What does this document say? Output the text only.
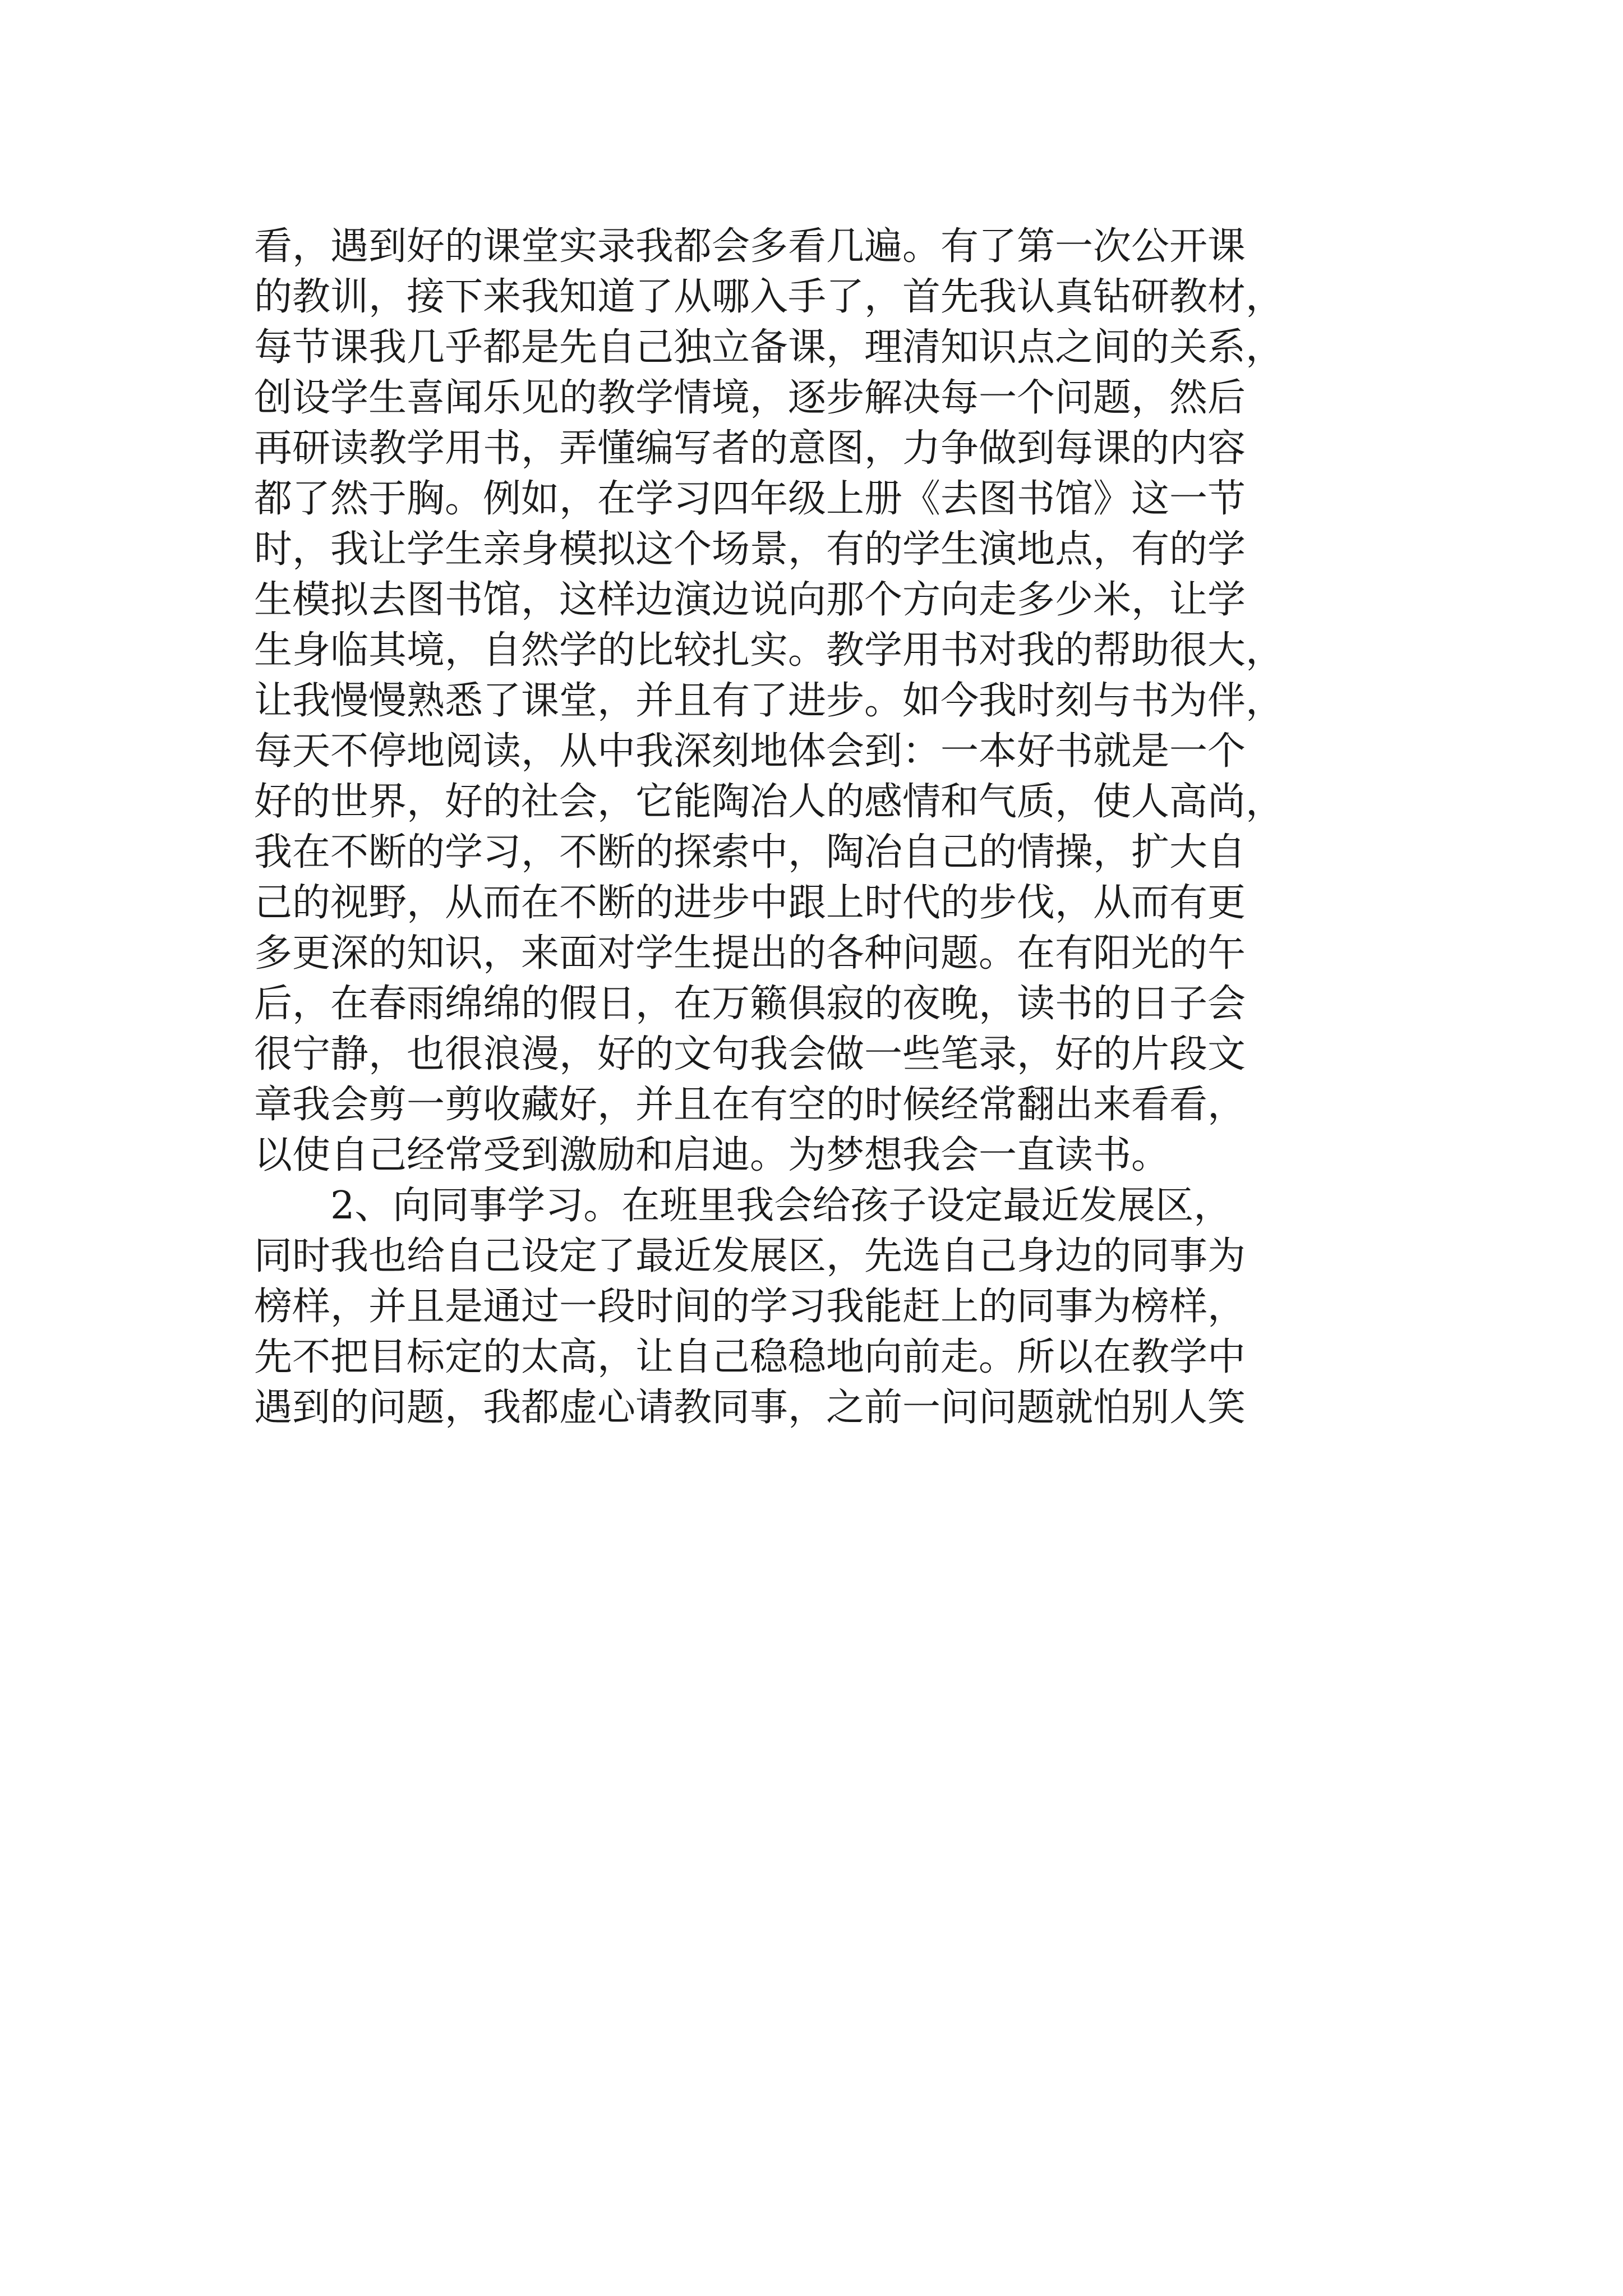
看，遇到好的课堂实录我都会多看几遍。有了第一次公开课
的教训，接下来我知道了从哪入手了，首先我认真钻研教材，
每节课我几乎都是先自己独立备课，理清知识点之间的关系，
创设学生喜闻乐见的教学情境，逐步解决每一个问题，然后
再研读教学用书，弄懂编写者的意图，力争做到每课的内容
都了然于胸。例如，在学习四年级上册《去图书馆》这一节
时，我让学生亲身模拟这个场景，有的学生演地点，有的学
生模拟去图书馆，这样边演边说向那个方向走多少米，让学
生身临其境，自然学的比较扎实。教学用书对我的帮助很大，
让我慢慢熟悉了课堂，并且有了进步。如今我时刻与书为伴，
每天不停地阅读，从中我深刻地体会到：一本好书就是一个
好的世界，好的社会，它能陶冶人的感情和气质，使人高尚，
我在不断的学习，不断的探索中，陶冶自己的情操，扩大自
己的视野，从而在不断的进步中跟上时代的步伐，从而有更
多更深的知识，来面对学生提出的各种问题。在有阳光的午
后，在春雨绵绵的假日，在万籁俱寂的夜晚，读书的日子会
很宁静，也很浪漫，好的文句我会做一些笔录，好的片段文
章我会剪一剪收藏好，并且在有空的时候经常翻出来看看，
以使自己经常受到激励和启迪。为梦想我会一直读书。
2、向同事学习。在班里我会给孩子设定最近发展区，
同时我也给自己设定了最近发展区，先选自己身边的同事为
榜样，并且是通过一段时间的学习我能赶上的同事为榜样，
先不把目标定的太高，让自己稳稳地向前走。所以在教学中
遇到的问题，我都虚心请教同事，之前一问问题就怕别人笑
